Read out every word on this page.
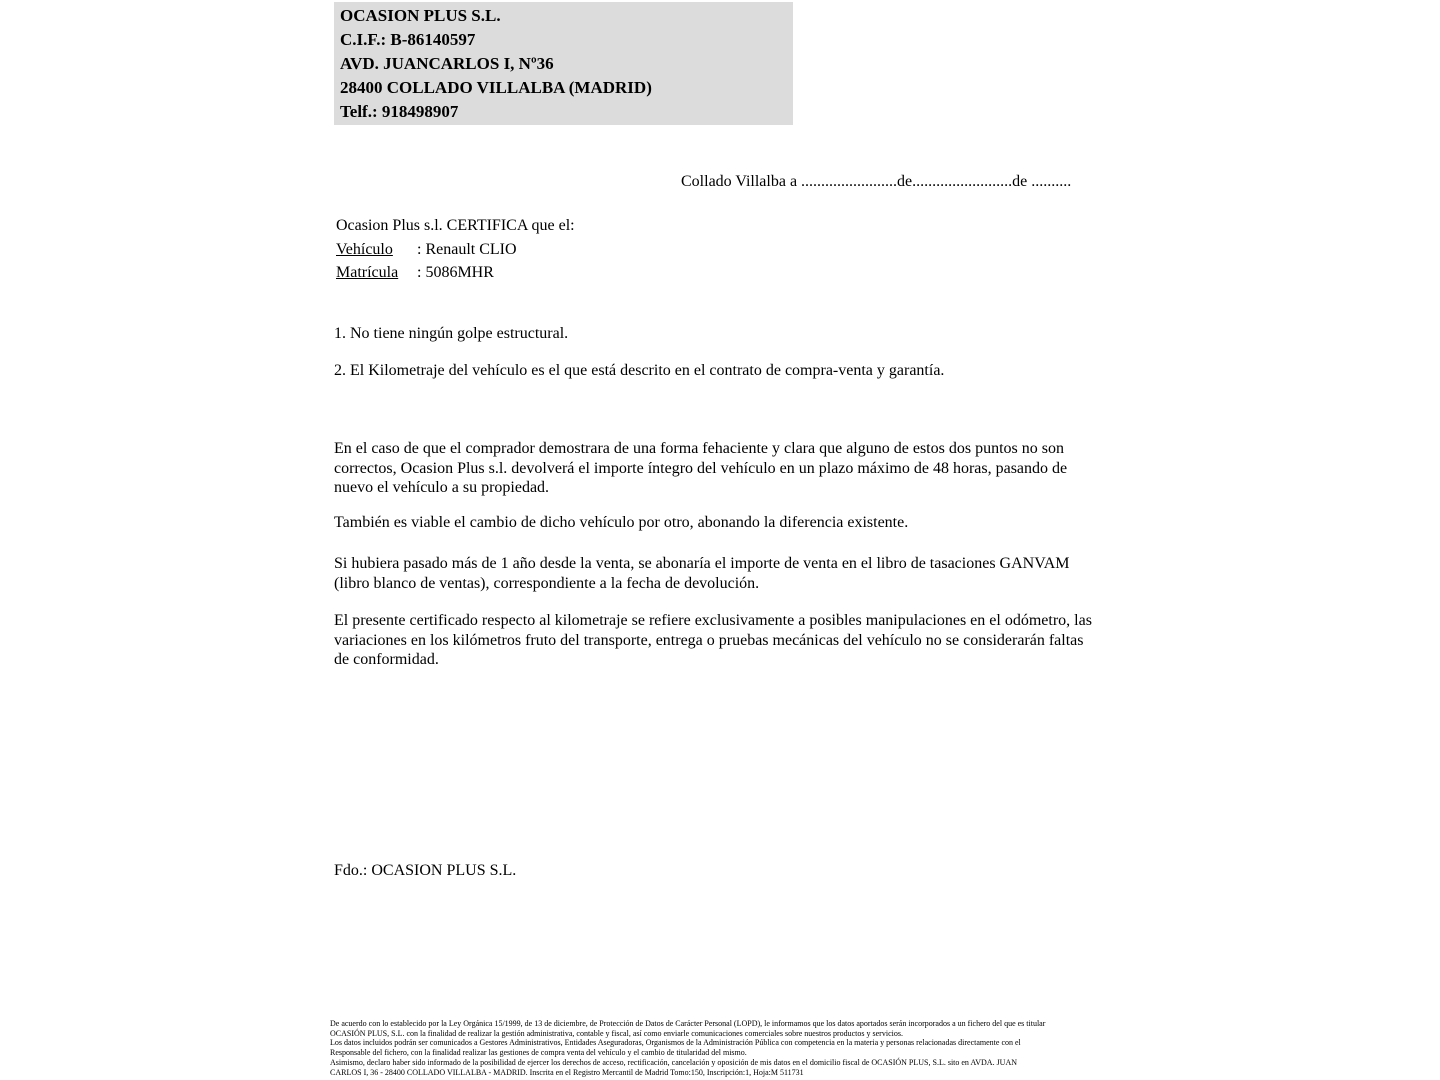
OCASION PLUS S.L.
C.I.F.: B-86140597
AVD. JUANCARLOS I, Nº36
28400 COLLADO VILLALBA (MADRID)
Telf.: 918498907
Collado Villalba a ........................de.........................de ..........
Ocasion Plus s.l. CERTIFICA que el:
Vehículo : Renault CLIO
Matrícula : 5086MHR
1. No tiene ningún golpe estructural.
2. El Kilometraje del vehículo es el que está descrito en el contrato de compra-venta y garantía.
En el caso de que el comprador demostrara de una forma fehaciente y clara que alguno de estos dos puntos no son correctos, Ocasion Plus s.l. devolverá el importe íntegro del vehículo en un plazo máximo de 48 horas, pasando de nuevo el vehículo a su propiedad.
También es viable el cambio de dicho vehículo por otro, abonando la diferencia existente.
Si hubiera pasado más de 1 año desde la venta, se abonaría el importe de venta en el libro de tasaciones GANVAM (libro blanco de ventas), correspondiente a la fecha de devolución.
El presente certificado respecto al kilometraje se refiere exclusivamente a posibles manipulaciones en el odómetro, las variaciones en los kilómetros fruto del transporte, entrega o pruebas mecánicas del vehículo no se considerarán faltas de conformidad.
Fdo.: OCASION PLUS S.L.
De acuerdo con lo establecido por la Ley Orgánica 15/1999, de 13 de diciembre, de Protección de Datos de Carácter Personal (LOPD), le informamos que los datos aportados serán incorporados a un fichero del que es titular
OCASIÓN PLUS, S.L. con la finalidad de realizar la gestión administrativa, contable y fiscal, así como enviarle comunicaciones comerciales sobre nuestros productos y servicios.
Los datos incluidos podrán ser comunicados a Gestores Administrativos, Entidades Aseguradoras, Organismos de la Administración Pública con competencia en la materia y personas relacionadas directamente con el
Responsable del fichero, con la finalidad realizar las gestiones de compra venta del vehículo y el cambio de titularidad del mismo.
Asimismo, declaro haber sido informado de la posibilidad de ejercer los derechos de acceso, rectificación, cancelación y oposición de mis datos en el domicilio fiscal de OCASIÓN PLUS, S.L. sito en AVDA. JUAN
CARLOS I, 36 - 28400 COLLADO VILLALBA - MADRID. Inscrita en el Registro Mercantil de Madrid Tomo:150, Inscripción:1, Hoja:M 511731
